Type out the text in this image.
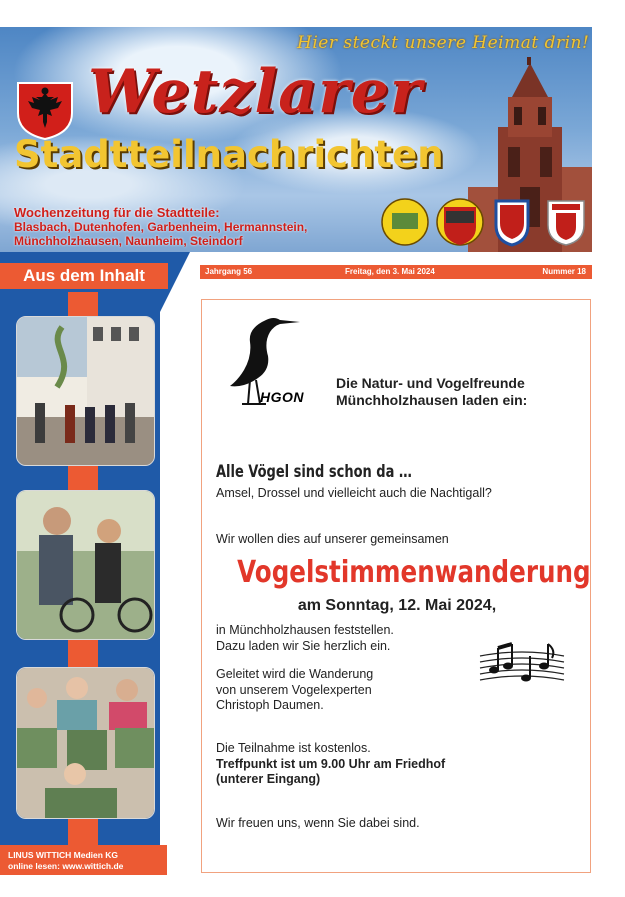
Hier steckt unsere Heimat drin!
Wetzlarer
Stadtteilnachrichten
Wochenzeitung für die Stadtteile:
Blasbach, Dutenhofen, Garbenheim, Hermannstein,
Münchholzhausen, Naunheim, Steindorf
Aus dem Inhalt
LINUS WITTICH Medien KG
online lesen: www.wittich.de
Jahrgang 56	Freitag, den 3. Mai 2024	Nummer 18
HGON
Die Natur- und Vogelfreunde
Münchholzhausen laden ein:
Alle Vögel sind schon da …
Amsel, Drossel und vielleicht auch die Nachtigall?
Wir wollen dies auf unserer gemeinsamen
Vogelstimmenwanderung
am Sonntag, 12. Mai 2024,
in Münchholzhausen feststellen.
Dazu laden wir Sie herzlich ein.
Geleitet wird die Wanderung
von unserem Vogelexperten
Christoph Daumen.
Die Teilnahme ist kostenlos.
Treffpunkt ist um 9.00 Uhr am Friedhof
(unterer Eingang)
Wir freuen uns, wenn Sie dabei sind.
